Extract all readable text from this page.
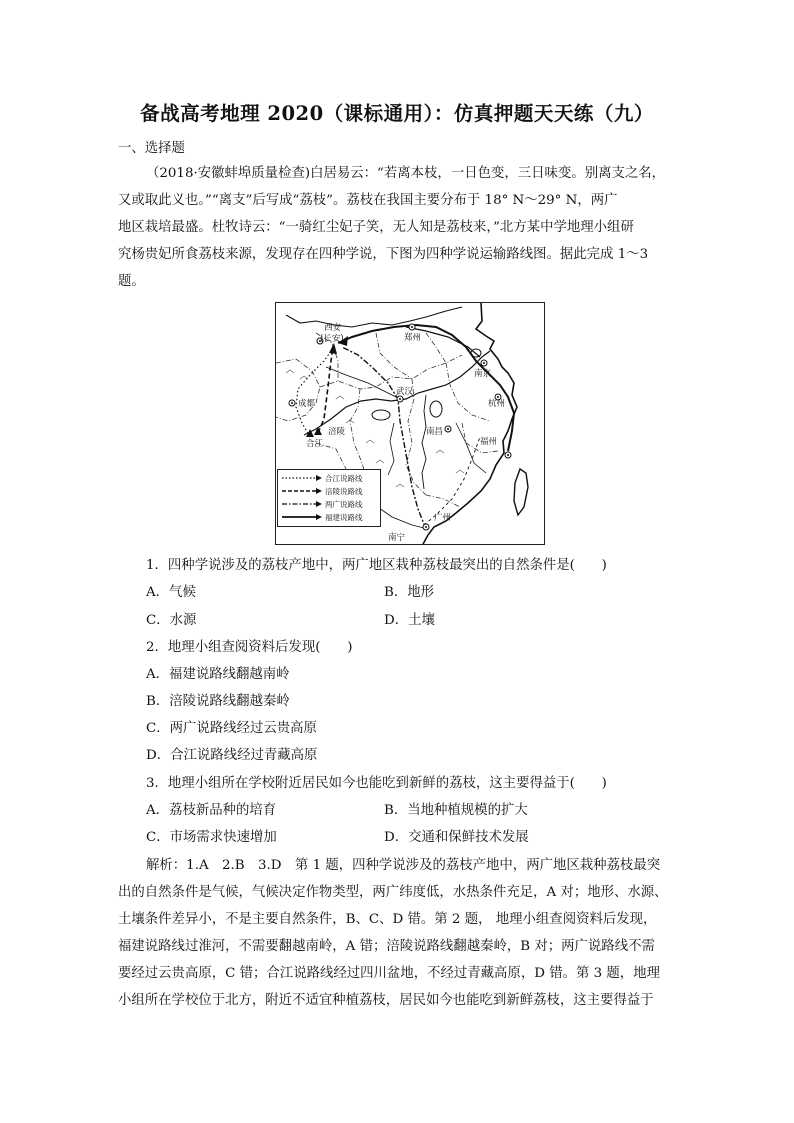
备战高考地理 2020（课标通用）：仿真押题天天练（九）
一、选择题
（2018·安徽蚌埠质量检查)白居易云：“若离本枝，一日色变，三日味变。别离支之名，
又或取此义也。”“离支”后写成“荔枝”。荔枝在我国主要分布于 18° N～29° N，两广
地区栽培最盛。杜牧诗云：“一骑红尘妃子笑，无人知是荔枝来，”北方某中学地理小组研
究杨贵妃所食荔枝来源，发现存在四种学说，下图为四种学说运输路线图。据此完成 1～3
题。
西安
(长安)	郑州
南京
成都
武汉
杭州
涪陵
合江
南昌
福州
广州
南宁
合江说路线
涪陵说路线
两广说路线
福建说路线
1．四种学说涉及的荔枝产地中，两广地区栽种荔枝最突出的自然条件是(　　)
A．气候	B．地形
C．水源	D．土壤
2．地理小组查阅资料后发现(　　)
A．福建说路线翻越南岭
B．涪陵说路线翻越秦岭
C．两广说路线经过云贵高原
D．合江说路线经过青藏高原
3．地理小组所在学校附近居民如今也能吃到新鲜的荔枝，这主要得益于(　　)
A．荔枝新品种的培育	B．当地种植规模的扩大
C．市场需求快速增加	D．交通和保鲜技术发展
解析：1.A　2.B　3.D　第 1 题，四种学说涉及的荔枝产地中，两广地区栽种荔枝最突
出的自然条件是气候，气候决定作物类型，两广纬度低，水热条件充足，A 对；地形、水源、
土壤条件差异小，不是主要自然条件，B、C、D 错。第 2 题， 地理小组查阅资料后发现，
福建说路线过淮河，不需要翻越南岭，A 错；涪陵说路线翻越秦岭，B 对；两广说路线不需
要经过云贵高原，C 错；合江说路线经过四川盆地，不经过青藏高原，D 错。第 3 题，地理
小组所在学校位于北方，附近不适宜种植荔枝，居民如今也能吃到新鲜荔枝，这主要得益于
